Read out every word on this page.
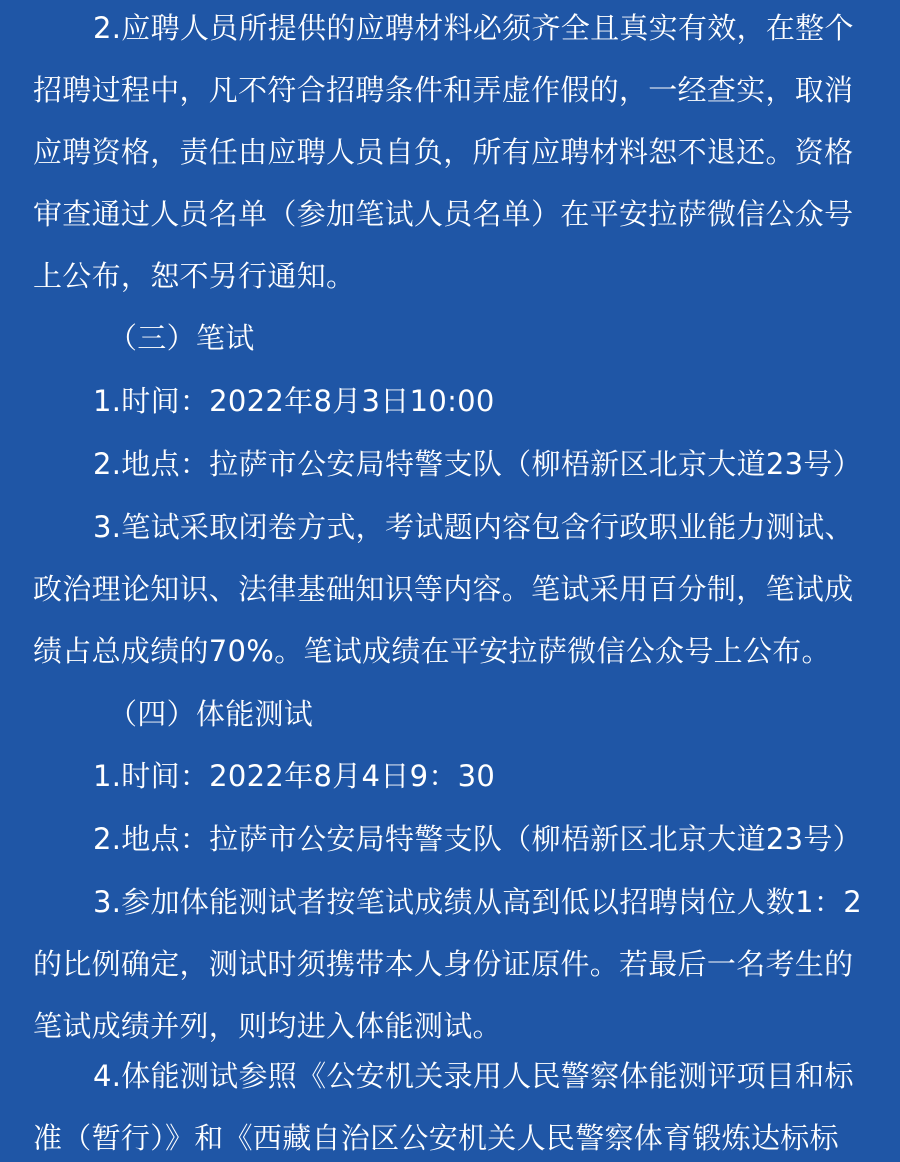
2.应聘人员所提供的应聘材料必须齐全且真实有效，在整个
招聘过程中，凡不符合招聘条件和弄虚作假的，一经查实，取消
应聘资格，责任由应聘人员自负，所有应聘材料恕不退还。资格
审查通过人员名单（参加笔试人员名单）在平安拉萨微信公众号
上公布，恕不另行通知。
（三）笔试
1.时间：2022年8月3日10:00
2.地点：拉萨市公安局特警支队（柳梧新区北京大道23号）
3.笔试采取闭卷方式，考试题内容包含行政职业能力测试、
政治理论知识、法律基础知识等内容。笔试采用百分制，笔试成
绩占总成绩的70%。笔试成绩在平安拉萨微信公众号上公布。
（四）体能测试
1.时间：2022年8月4日9：30
2.地点：拉萨市公安局特警支队（柳梧新区北京大道23号）
3.参加体能测试者按笔试成绩从高到低以招聘岗位人数1：2
的比例确定，测试时须携带本人身份证原件。若最后一名考生的
笔试成绩并列，则均进入体能测试。
4.体能测试参照《公安机关录用人民警察体能测评项目和标
准（暂行）》和《西藏自治区公安机关人民警察体育锻炼达标标
